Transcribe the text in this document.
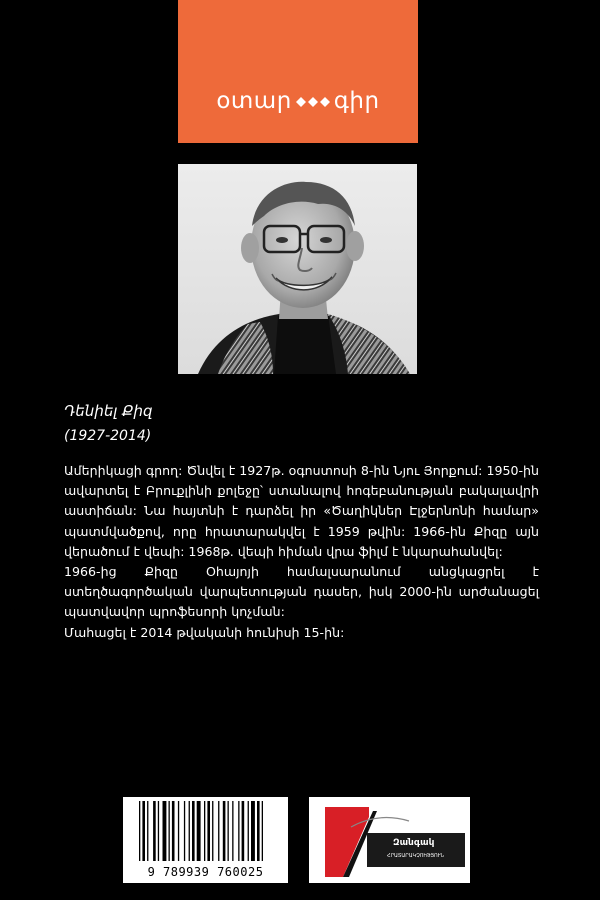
օտար գիր
Դենիել Քիզ
(1927-2014)

Ամերիկացի գրող: Ծնվել է 1927թ. օգոստոսի 8-ին Նյու Յորքում: 1950-ին ավարտել է Բրուքլինի քոլեջը՝ ստանալով հոգեբանության բակալավրի աստիճան: Նա հայտնի է դարձել իր «Ծաղիկներ Էլջերնոնի համար» պատմվածքով, որը հրատարակվել է 1959 թվին: 1966-ին Քիզը այն վերածում է վեպի: 1968թ. վեպի հիման վրա ֆիլմ է նկարահանվել:

1966-ից Քիզը Օհայոյի համալսարանում անցկացրել է ստեղծագործական վարպետության դասեր, իսկ 2000-ին արժանացել պատվավոր պրոֆեսորի կոչման:

Մահացել է 2014 թվականի հունիսի 15-ին:

9 789939 760025
Զանգակ
ՀՐԱՏԱՐԱԿՉՈՒԹՅՈՒՆ
